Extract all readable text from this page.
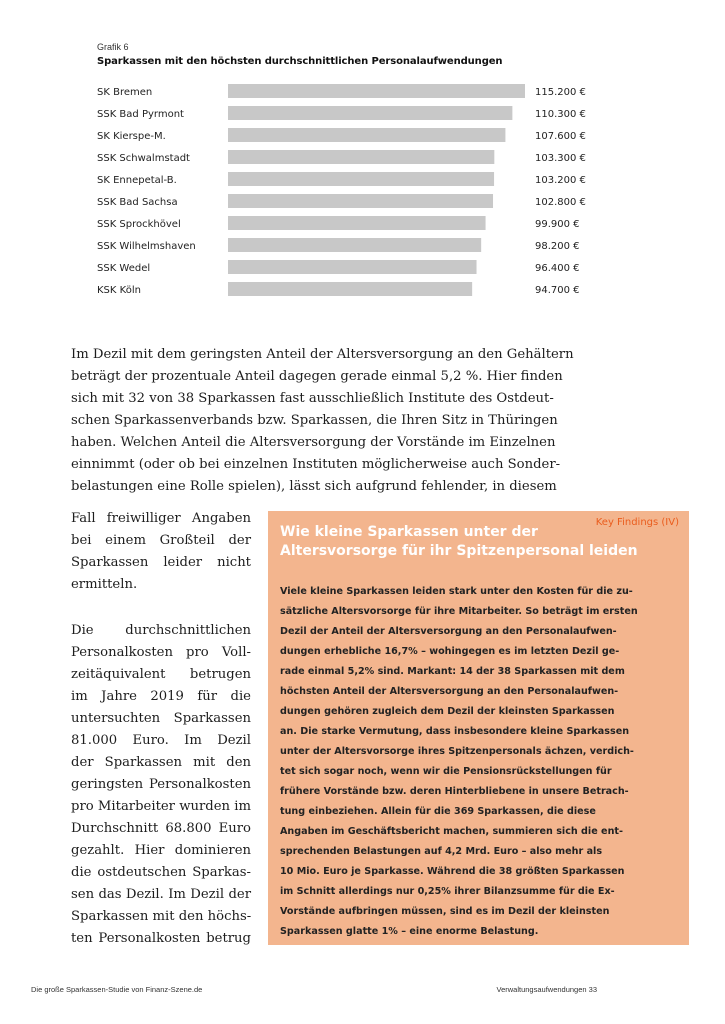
Grafik 6
Sparkassen mit den höchsten durchschnittlichen Personalaufwendungen
SK Bremen	115.200 €
SSK Bad Pyrmont	110.300 €
SK Kierspe-M.	107.600 €
SSK Schwalmstadt	103.300 €
SK Ennepetal-B.	103.200 €
SSK Bad Sachsa	102.800 €
SSK Sprockhövel	99.900 €
SSK Wilhelmshaven	98.200 €
SSK Wedel	96.400 €
KSK Köln	94.700 €
Im Dezil mit dem geringsten Anteil der Altersversorgung an den Gehältern
beträgt der prozentuale Anteil dagegen gerade einmal 5,2 %. Hier finden
sich mit 32 von 38 Sparkassen fast ausschließlich Institute des Ostdeut-
schen Sparkassenverbands bzw. Sparkassen, die Ihren Sitz in Thüringen
haben. Welchen Anteil die Altersversorgung der Vorstände im Einzelnen
einnimmt (oder ob bei einzelnen Instituten möglicherweise auch Sonder-
belastungen eine Rolle spielen), lässt sich aufgrund fehlender, in diesem
Fall freiwilliger Angaben
bei einem Großteil der
Sparkassen leider nicht
ermitteln.
Die durchschnittlichen
Personalkosten pro Voll-
zeitäquivalent betrugen
im Jahre 2019 für die
untersuchten Sparkassen
81.000 Euro. Im Dezil
der Sparkassen mit den
geringsten Personalkosten
pro Mitarbeiter wurden im
Durchschnitt 68.800 Euro
gezahlt. Hier dominieren
die ostdeutschen Sparkas-
sen das Dezil. Im Dezil der
Sparkassen mit den höchs-
ten Personalkosten betrug
Key Findings (IV)
Wie kleine Sparkassen unter der
Altersvorsorge für ihr Spitzenpersonal leiden
Viele kleine Sparkassen leiden stark unter den Kosten für die zu-
sätzliche Altersvorsorge für ihre Mitarbeiter. So beträgt im ersten
Dezil der Anteil der Altersversorgung an den Personalaufwen-
dungen erhebliche 16,7% – wohingegen es im letzten Dezil ge-
rade einmal 5,2% sind. Markant: 14 der 38 Sparkassen mit dem
höchsten Anteil der Altersversorgung an den Personalaufwen-
dungen gehören zugleich dem Dezil der kleinsten Sparkassen
an. Die starke Vermutung, dass insbesondere kleine Sparkassen
unter der Altersvorsorge ihres Spitzenpersonals ächzen, verdich-
tet sich sogar noch, wenn wir die Pensionsrückstellungen für
frühere Vorstände bzw. deren Hinterbliebene in unsere Betrach-
tung einbeziehen. Allein für die 369 Sparkassen, die diese
Angaben im Geschäftsbericht machen, summieren sich die ent-
sprechenden Belastungen auf 4,2 Mrd. Euro – also mehr als
10 Mio. Euro je Sparkasse. Während die 38 größten Sparkassen
im Schnitt allerdings nur 0,25% ihrer Bilanzsumme für die Ex-
Vorstände aufbringen müssen, sind es im Dezil der kleinsten
Sparkassen glatte 1% – eine enorme Belastung.
Die große Sparkassen-Studie von Finanz-Szene.de	Verwaltungsaufwendungen 33
